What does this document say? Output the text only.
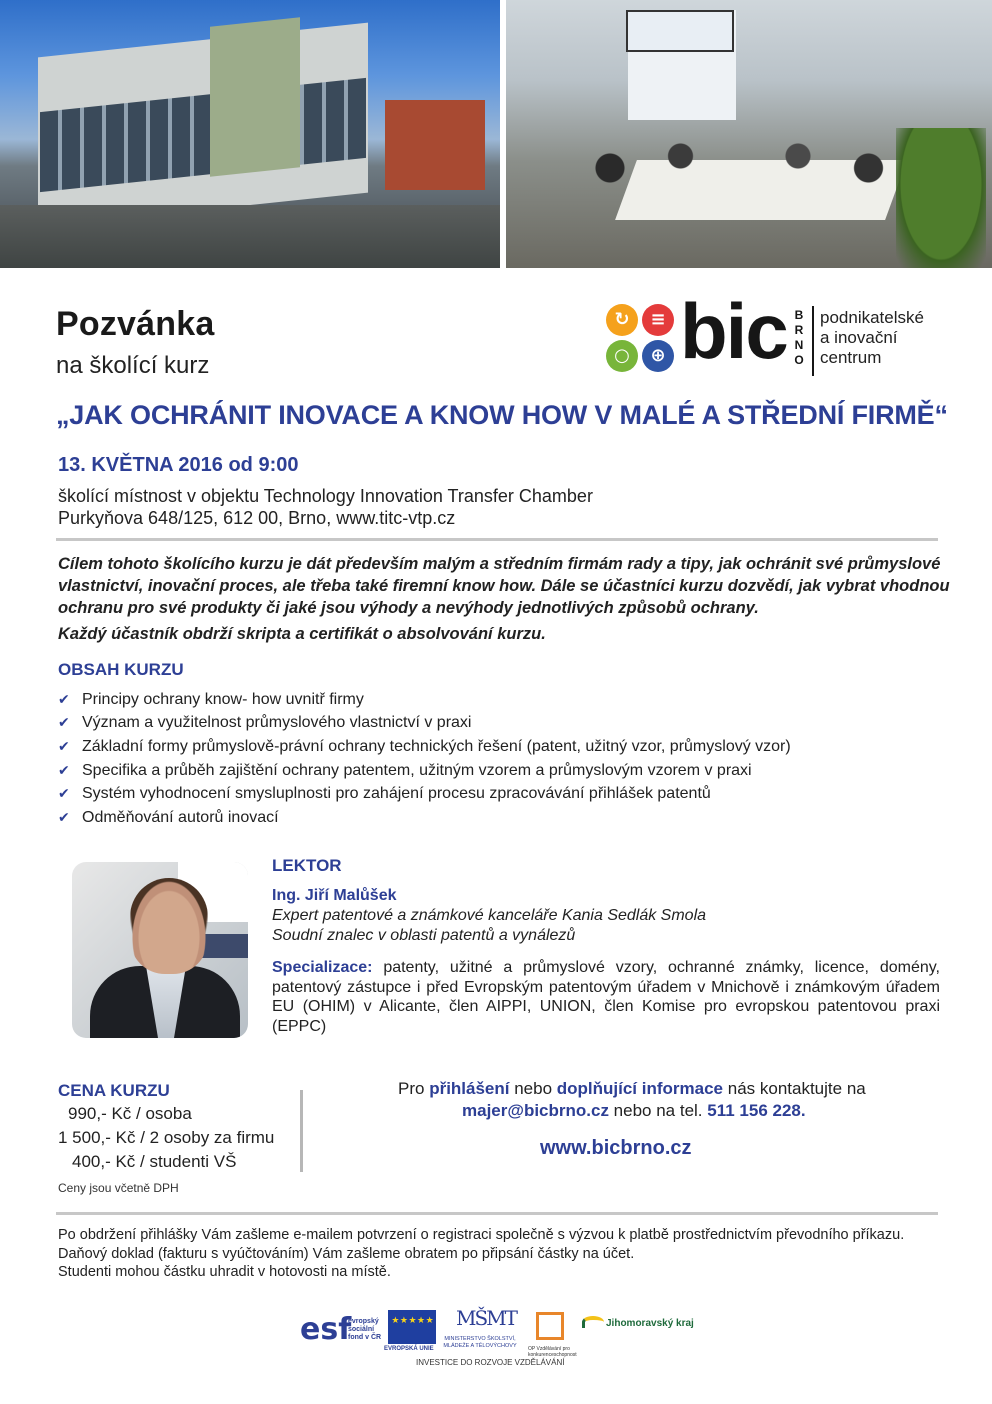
Pozvánka
na školící kurz
↻	≡
○	⊕ bic B
R
N
O
podnikatelské
a inovační
centrum
„JAK OCHRÁNIT INOVACE A KNOW HOW V MALÉ A STŘEDNÍ FIRMĚ“
13. KVĚTNA 2016 od 9:00
školící místnost v objektu Technology Innovation Transfer Chamber
Purkyňova 648/125, 612 00, Brno, www.titc-vtp.cz
Cílem tohoto školícího kurzu je dát především malým a středním firmám rady a tipy, jak ochránit své průmyslové vlastnictví, inovační proces, ale třeba také firemní know how. Dále se účastníci kurzu dozvědí, jak vybrat vhodnou ochranu pro své produkty či jaké jsou výhody a nevýhody jednotlivých způsobů ochrany.
Každý účastník obdrží skripta a certifikát o absolvování kurzu.
OBSAH KURZU
✔ Principy ochrany know- how uvnitř firmy
✔ Význam a využitelnost průmyslového vlastnictví v praxi
✔ Základní formy průmyslově-právní ochrany technických řešení (patent, užitný vzor, průmyslový vzor)
✔ Specifika a průběh zajištění ochrany patentem, užitným vzorem a průmyslovým vzorem v praxi
✔ Systém vyhodnocení smysluplnosti pro zahájení procesu zpracovávání přihlášek patentů
✔ Odměňování autorů inovací
LEKTOR
Ing. Jiří Malůšek
Expert patentové a známkové kanceláře Kania Sedlák Smola
Soudní znalec v oblasti patentů a vynálezů
Specializace: patenty, užitné a průmyslové vzory, ochranné známky, licence, domény, patentový zástupce i před Evropským patentovým úřadem v Mnichově i známkovým úřadem EU (OHIM) v Alicante, člen AIPPI, UNION, člen Komise pro evropskou patentovou praxi (EPPC)
CENA KURZU
990,- Kč / osoba
1 500,- Kč / 2 osoby za firmu
400,- Kč / studenti VŠ
Ceny jsou včetně DPH
Pro přihlášení nebo doplňující informace nás kontaktujte na
majer@bicbrno.cz nebo na tel. 511 156 228.
www.bicbrno.cz
Po obdržení přihlášky Vám zašleme e-mailem potvrzení o registraci společně s výzvou k platbě prostřednictvím převodního příkazu. Daňový doklad (fakturu s vyúčtováním) Vám zašleme obratem po připsání částky na účet.
Studenti mohou částku uhradit v hotovosti na místě.
esf
evropský sociální fond v ČR
★ ★ ★ ★ ★
EVROPSKÁ UNIE
MŠMT
MINISTERSTVO ŠKOLSTVÍ, MLÁDEŽE A TĚLOVÝCHOVY
OP Vzdělávání pro konkurenceschopnost
Jihomoravský kraj
INVESTICE DO ROZVOJE VZDĚLÁVÁNÍ
